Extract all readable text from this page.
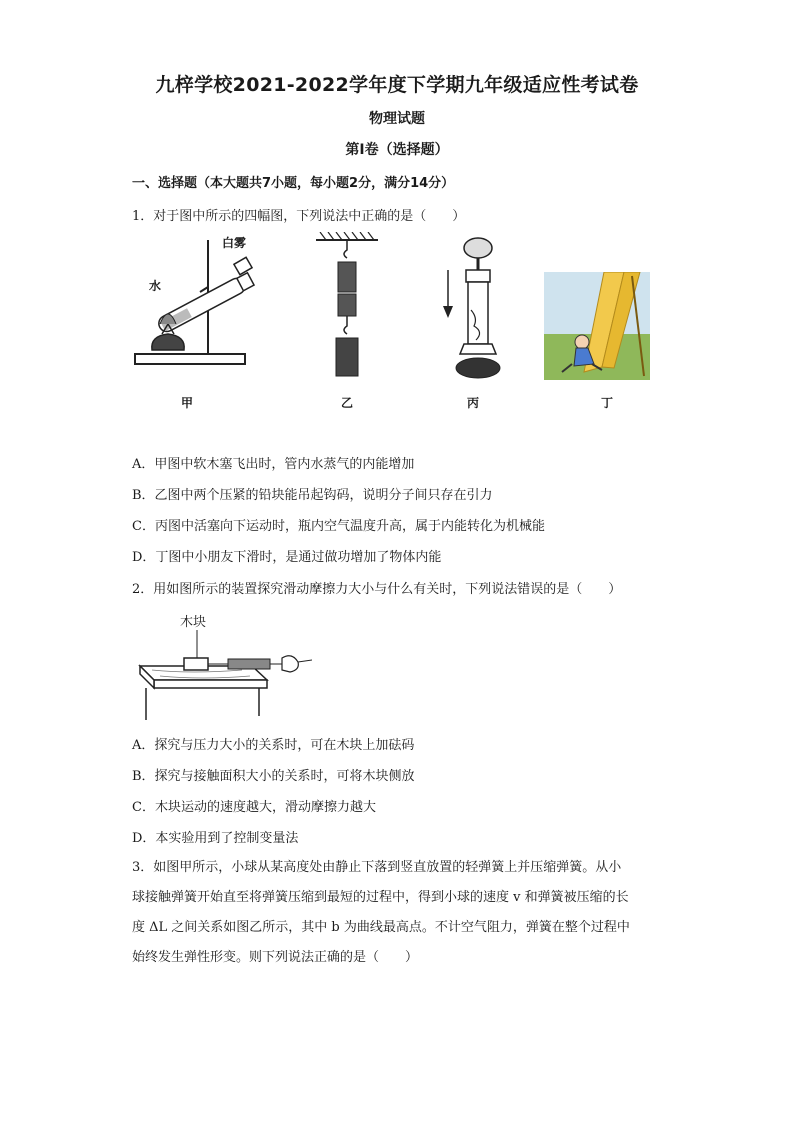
九梓学校2021-2022学年度下学期九年级适应性考试卷
物理试题
第Ⅰ卷（选择题）
一、选择题（本大题共7小题，每小题2分，满分14分）
1．对于图中所示的四幅图，下列说法中正确的是（　　）
白雾
水
甲	乙	丙	丁
A．甲图中软木塞飞出时，管内水蒸气的内能增加
B．乙图中两个压紧的铅块能吊起钩码，说明分子间只存在引力
C．丙图中活塞向下运动时，瓶内空气温度升高，属于内能转化为机械能
D．丁图中小朋友下滑时，是通过做功增加了物体内能
2．用如图所示的装置探究滑动摩擦力大小与什么有关时，下列说法错误的是（　　）
木块
A．探究与压力大小的关系时，可在木块上加砝码
B．探究与接触面积大小的关系时，可将木块侧放
C．木块运动的速度越大，滑动摩擦力越大
D．本实验用到了控制变量法
3．如图甲所示，小球从某高度处由静止下落到竖直放置的轻弹簧上并压缩弹簧。从小
球接触弹簧开始直至将弹簧压缩到最短的过程中，得到小球的速度 v 和弹簧被压缩的长
度 ΔL 之间关系如图乙所示，其中 b 为曲线最高点。不计空气阻力，弹簧在整个过程中
始终发生弹性形变。则下列说法正确的是（　　）
